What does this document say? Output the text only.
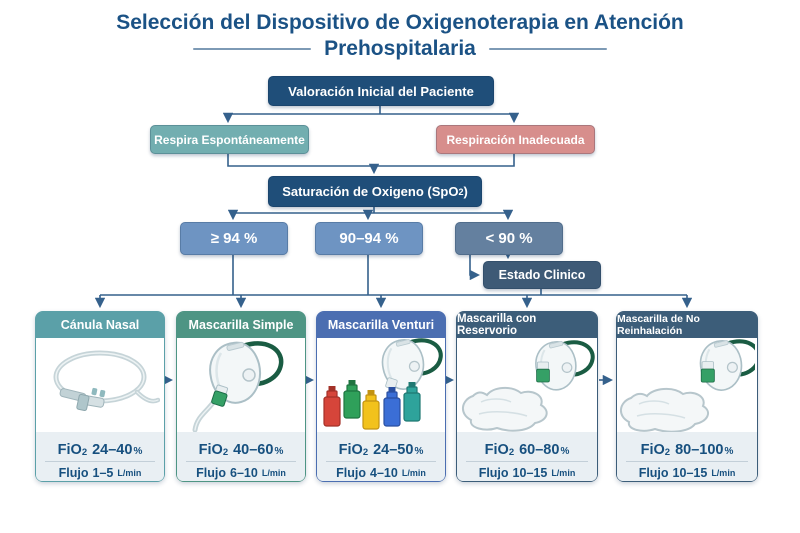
Selección del Dispositivo de Oxigenoterapia en Atención
Prehospitalaria
Valoración Inicial del Paciente
Respira Espontáneamente	Respiración Inadecuada
Saturación de Oxigeno (SpO 2 )
≥ 94 %	90–94 %	< 90 %
Estado Clinico
Cánula Nasal
FiO 2 24–40 %
Flujo 1–5 L/min
Mascarilla Simple
FiO 2 40–60 %
Flujo 6–10 L/min
Mascarilla Venturi
FiO 2 24–50 %
Flujo 4–10 L/min
Mascarilla con Reservorio
FiO 2 60–80 %
Flujo 10–15 L/min
Mascarilla de No Reinhalación
FiO 2 80–100 %
Flujo 10–15 L/min
